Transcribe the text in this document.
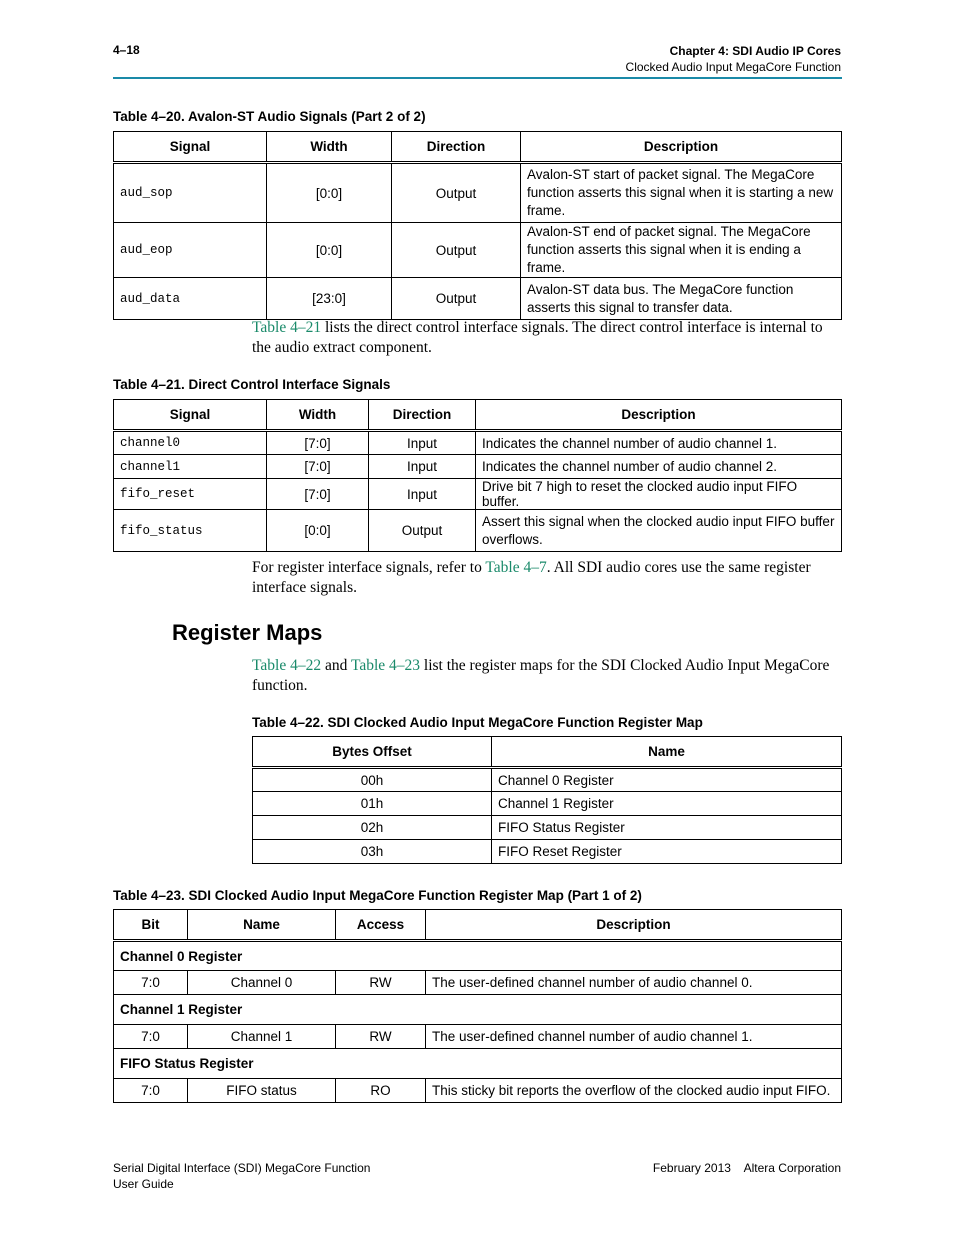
4–18	Chapter 4: SDI Audio IP Cores
Clocked Audio Input MegaCore Function
Table 4–20. Avalon-ST Audio Signals (Part 2 of 2)
Signal	Width	Direction	Description
aud_sop	[0:0]	Output	Avalon-ST start of packet signal. The MegaCore function asserts this signal when it is starting a new frame.
aud_eop	[0:0]	Output	Avalon-ST end of packet signal. The MegaCore function asserts this signal when it is ending a frame.
aud_data	[23:0]	Output	Avalon-ST data bus. The MegaCore function asserts this signal to transfer data.
Table 4–21 lists the direct control interface signals. The direct control interface is internal to the audio extract component.
Table 4–21. Direct Control Interface Signals
Signal	Width	Direction	Description
channel0	[7:0]	Input	Indicates the channel number of audio channel 1.
channel1	[7:0]	Input	Indicates the channel number of audio channel 2.
fifo_reset	[7:0]	Input	Drive bit 7 high to reset the clocked audio input FIFO buffer.
fifo_status	[0:0]	Output	Assert this signal when the clocked audio input FIFO buffer overflows.
For register interface signals, refer to Table 4–7. All SDI audio cores use the same register interface signals.
Register Maps
Table 4–22 and Table 4–23 list the register maps for the SDI Clocked Audio Input MegaCore function.
Table 4–22. SDI Clocked Audio Input MegaCore Function Register Map
Bytes Offset	Name
00h	Channel 0 Register
01h	Channel 1 Register
02h	FIFO Status Register
03h	FIFO Reset Register
Table 4–23. SDI Clocked Audio Input MegaCore Function Register Map (Part 1 of 2)
Bit	Name	Access	Description
Channel 0 Register			
7:0	Channel 0	RW	The user-defined channel number of audio channel 0.
Channel 1 Register			
7:0	Channel 1	RW	The user-defined channel number of audio channel 1.
FIFO Status Register			
7:0	FIFO status	RO	This sticky bit reports the overflow of the clocked audio input FIFO.
Serial Digital Interface (SDI) MegaCore Function
User Guide
February 2013    Altera Corporation
